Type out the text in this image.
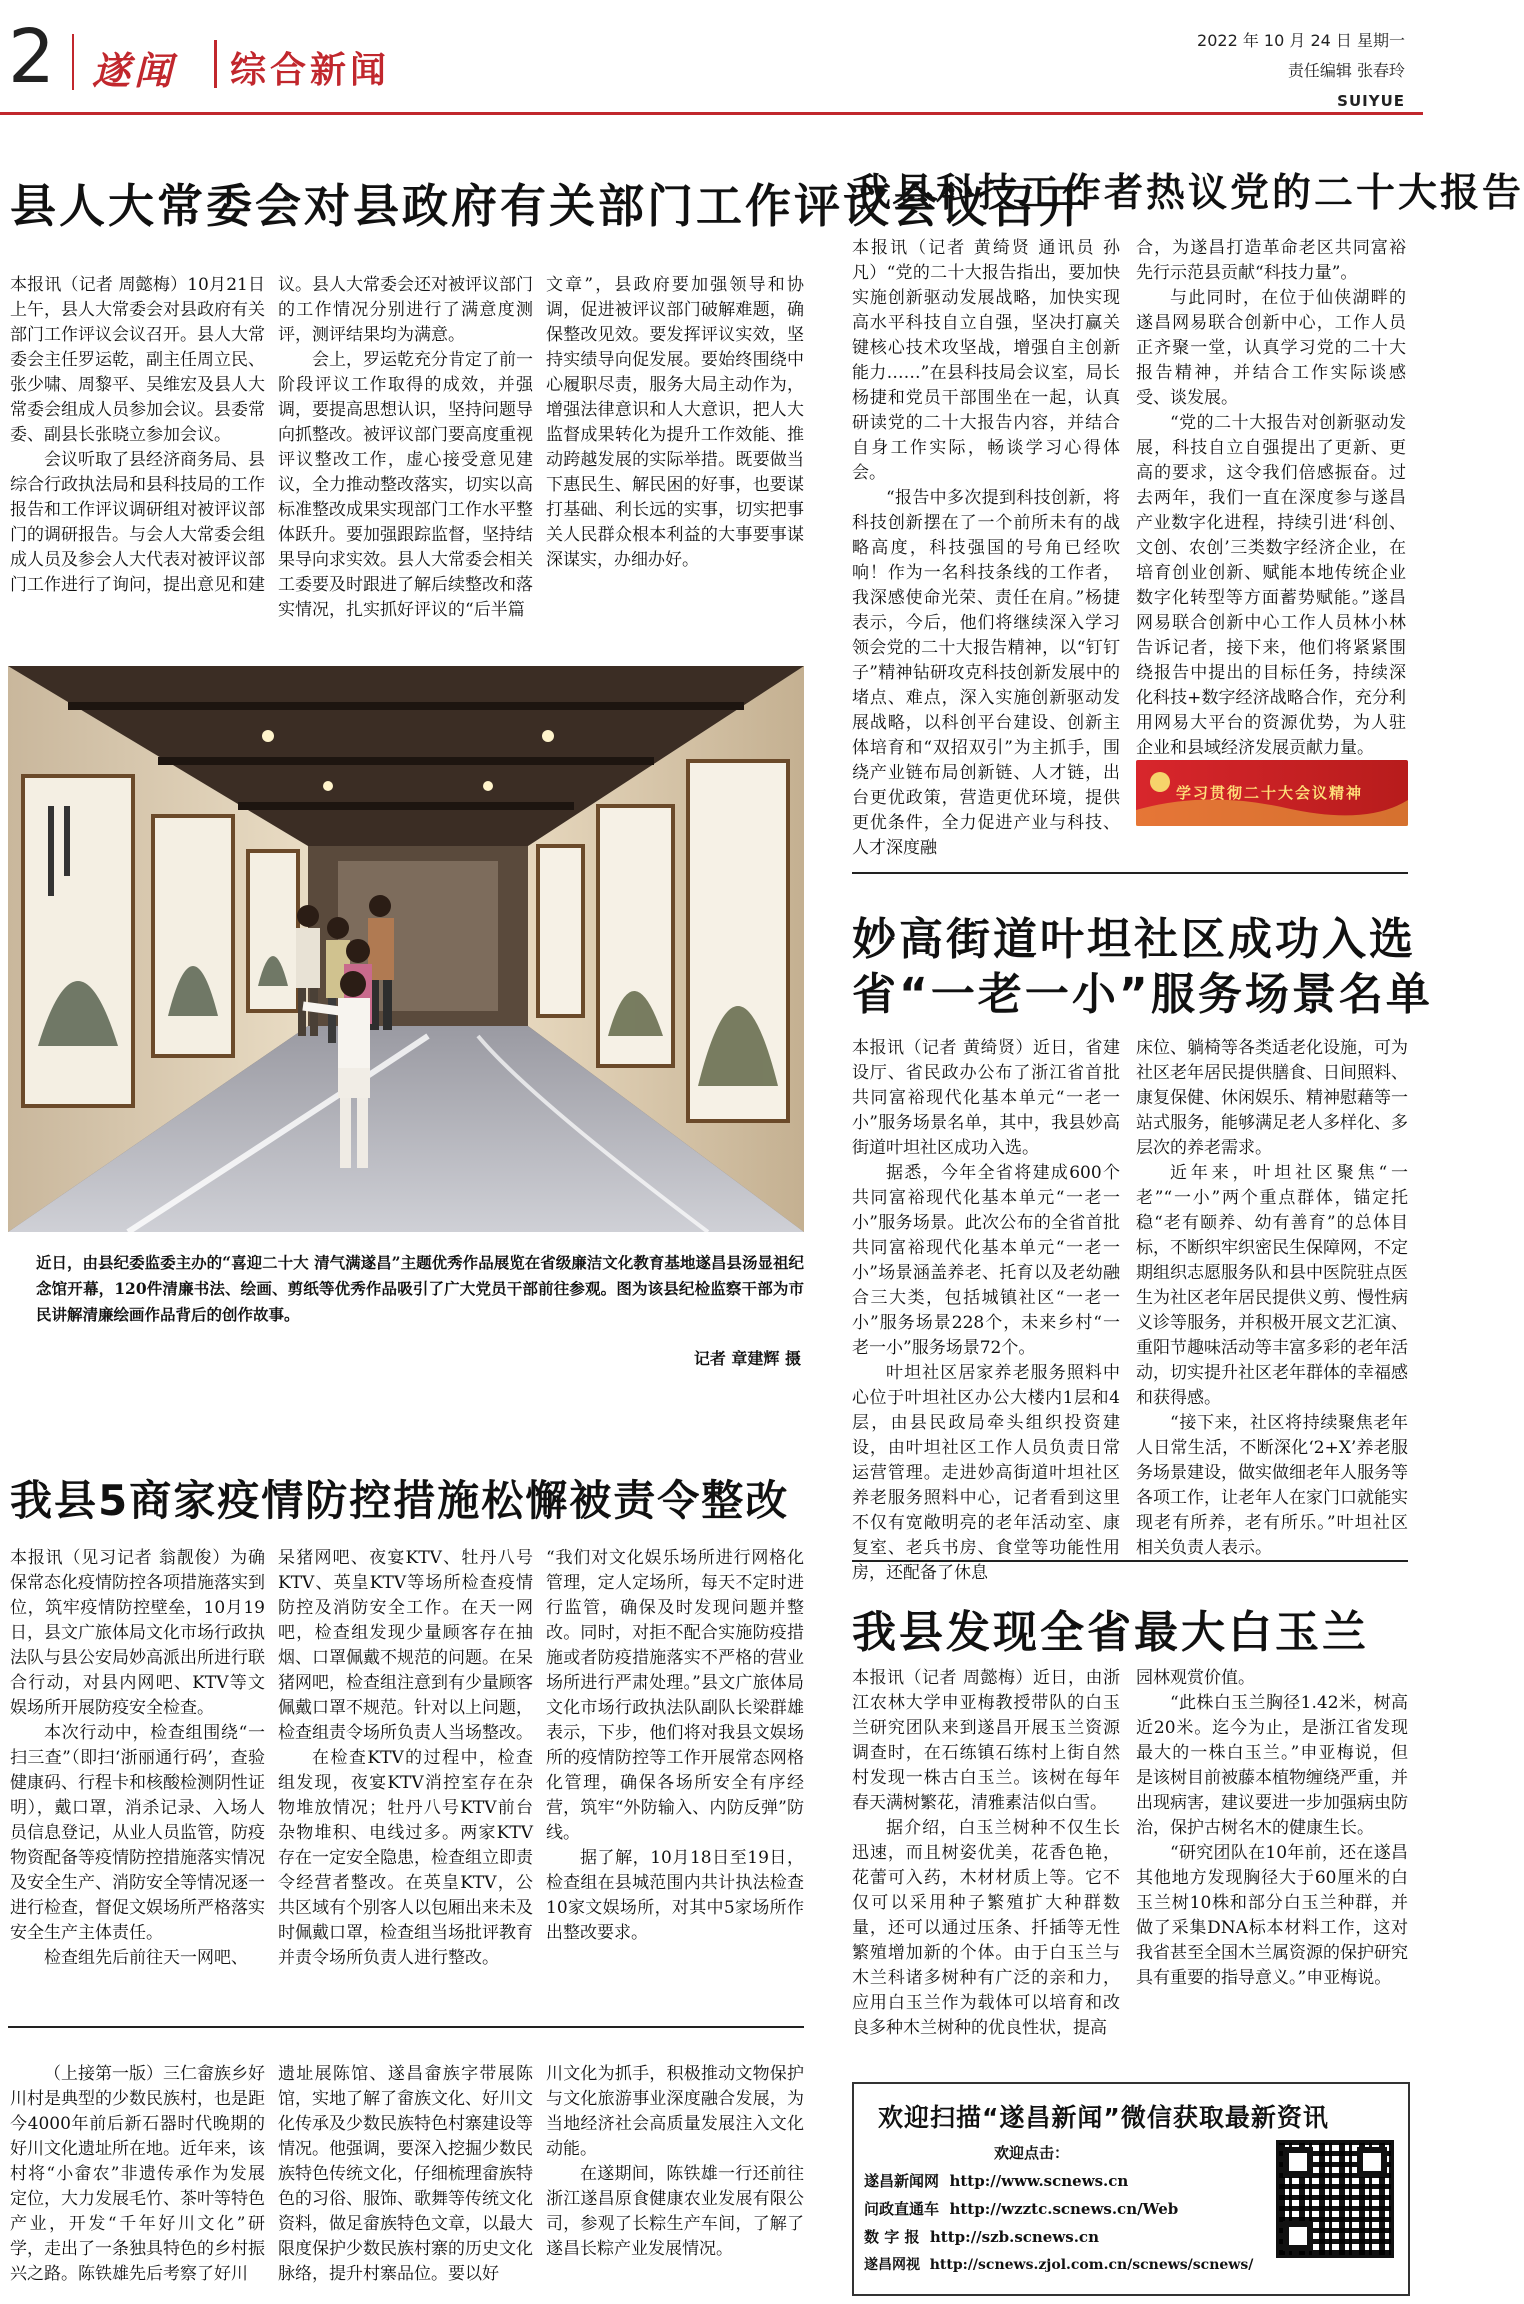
2 遂闻 综合新闻
2022 年 10 月 24 日 星期一
责任编辑 张春玲
SUIYUE
县人大常委会对县政府有关部门工作评议会议召开

本报讯（记者 周懿梅）10月21日上午，县人大常委会对县政府有关部门工作评议会议召开。县人大常委会主任罗运乾，副主任周立民、张少啸、周黎平、吴维宏及县人大常委会组成人员参加会议。县委常委、副县长张晓立参加会议。

会议听取了县经济商务局、县综合行政执法局和县科技局的工作报告和工作评议调研组对被评议部门的调研报告。与会人大常委会组成人员及参会人大代表对被评议部门工作进行了询问，提出意见和建

议。县人大常委会还对被评议部门的工作情况分别进行了满意度测评，测评结果均为满意。

会上，罗运乾充分肯定了前一阶段评议工作取得的成效，并强调，要提高思想认识，坚持问题导向抓整改。被评议部门要高度重视评议整改工作，虚心接受意见建议，全力推动整改落实，切实以高标准整改成果实现部门工作水平整体跃升。要加强跟踪监督，坚持结果导向求实效。县人大常委会相关工委要及时跟进了解后续整改和落实情况，扎实抓好评议的“后半篇

文章”，县政府要加强领导和协调，促进被评议部门破解难题，确保整改见效。要发挥评议实效，坚持实绩导向促发展。要始终围绕中心履职尽责，服务大局主动作为，增强法律意识和人大意识，把人大监督成果转化为提升工作效能、推动跨越发展的实际举措。既要做当下惠民生、解民困的好事，也要谋打基础、利长远的实事，切实把事关人民群众根本利益的大事要事谋深谋实，办细办好。

近日，由县纪委监委主办的“喜迎二十大 清气满遂昌”主题优秀作品展览在省级廉洁文化教育基地遂昌县汤显祖纪念馆开幕，120件清廉书法、绘画、剪纸等优秀作品吸引了广大党员干部前往参观。图为该县纪检监察干部为市民讲解清廉绘画作品背后的创作故事。
记者 章建辉 摄
我县科技工作者热议党的二十大报告

本报讯（记者 黄绮贤 通讯员 孙凡）“党的二十大报告指出，要加快实施创新驱动发展战略，加快实现高水平科技自立自强，坚决打赢关键核心技术攻坚战，增强自主创新能力……”在县科技局会议室，局长杨捷和党员干部围坐在一起，认真研读党的二十大报告内容，并结合自身工作实际，畅谈学习心得体会。

“报告中多次提到科技创新，将科技创新摆在了一个前所未有的战略高度，科技强国的号角已经吹响！作为一名科技条线的工作者，我深感使命光荣、责任在肩。”杨捷表示，今后，他们将继续深入学习领会党的二十大报告精神，以“钉钉子”精神钻研攻克科技创新发展中的堵点、难点，深入实施创新驱动发展战略，以科创平台建设、创新主体培育和“双招双引”为主抓手，围绕产业链布局创新链、人才链，出台更优政策，营造更优环境，提供更优条件，全力促进产业与科技、人才深度融

合，为遂昌打造革命老区共同富裕先行示范县贡献“科技力量”。

与此同时，在位于仙侠湖畔的遂昌网易联合创新中心，工作人员正齐聚一堂，认真学习党的二十大报告精神，并结合工作实际谈感受、谈发展。

“党的二十大报告对创新驱动发展，科技自立自强提出了更新、更高的要求，这令我们倍感振奋。过去两年，我们一直在深度参与遂昌产业数字化进程，持续引进‘科创、文创、农创’三类数字经济企业，在培育创业创新、赋能本地传统企业数字化转型等方面蓄势赋能。”遂昌网易联合创新中心工作人员林小林告诉记者，接下来，他们将紧紧围绕报告中提出的目标任务，持续深化科技+数字经济战略合作，充分利用网易大平台的资源优势，为人驻企业和县域经济发展贡献力量。

学习贯彻二十大会议精神
妙高街道叶坦社区成功入选
省“一老一小”服务场景名单

本报讯（记者 黄绮贤）近日，省建设厅、省民政办公布了浙江省首批共同富裕现代化基本单元“一老一小”服务场景名单，其中，我县妙高街道叶坦社区成功入选。

据悉，今年全省将建成600个共同富裕现代化基本单元“一老一小”服务场景。此次公布的全省首批共同富裕现代化基本单元“一老一小”场景涵盖养老、托育以及老幼融合三大类，包括城镇社区“一老一小”服务场景228个，未来乡村“一老一小”服务场景72个。

叶坦社区居家养老服务照料中心位于叶坦社区办公大楼内1层和4层，由县民政局牵头组织投资建设，由叶坦社区工作人员负责日常运营管理。走进妙高街道叶坦社区养老服务照料中心，记者看到这里不仅有宽敞明亮的老年活动室、康复室、老兵书房、食堂等功能性用房，还配备了休息

床位、躺椅等各类适老化设施，可为社区老年居民提供膳食、日间照料、康复保健、休闲娱乐、精神慰藉等一站式服务，能够满足老人多样化、多层次的养老需求。

近年来，叶坦社区聚焦“一老”“一小”两个重点群体，锚定托稳“老有颐养、幼有善育”的总体目标，不断织牢织密民生保障网，不定期组织志愿服务队和县中医院驻点医生为社区老年居民提供义剪、慢性病义诊等服务，并积极开展文艺汇演、重阳节趣味活动等丰富多彩的老年活动，切实提升社区老年群体的幸福感和获得感。

“接下来，社区将持续聚焦老年人日常生活，不断深化‘2+X’养老服务场景建设，做实做细老年人服务等各项工作，让老年人在家门口就能实现老有所养，老有所乐。”叶坦社区相关负责人表示。

我县5商家疫情防控措施松懈被责令整改

本报讯（见习记者 翁靓俊）为确保常态化疫情防控各项措施落实到位，筑牢疫情防控壁垒，10月19日，县文广旅体局文化市场行政执法队与县公安局妙高派出所进行联合行动，对县内网吧、KTV等文娱场所开展防疫安全检查。

本次行动中，检查组围绕“一扫三查”（即扫‘浙丽通行码’，查验健康码、行程卡和核酸检测阴性证明），戴口罩，消杀记录、入场人员信息登记，从业人员监管，防疫物资配备等疫情防控措施落实情况及安全生产、消防安全等情况逐一进行检查，督促文娱场所严格落实安全生产主体责任。

检查组先后前往天一网吧、

呆猪网吧、夜宴KTV、牡丹八号KTV、英皇KTV等场所检查疫情防控及消防安全工作。在天一网吧，检查组发现少量顾客存在抽烟、口罩佩戴不规范的问题。在呆猪网吧，检查组注意到有少量顾客佩戴口罩不规范。针对以上问题，检查组责令场所负责人当场整改。

在检查KTV的过程中，检查组发现，夜宴KTV消控室存在杂物堆放情况；牡丹八号KTV前台杂物堆积、电线过多。两家KTV存在一定安全隐患，检查组立即责令经营者整改。在英皇KTV，公共区域有个别客人以包厢出来未及时佩戴口罩，检查组当场批评教育并责令场所负责人进行整改。

“我们对文化娱乐场所进行网格化管理，定人定场所，每天不定时进行监管，确保及时发现问题并整改。同时，对拒不配合实施防疫措施或者防疫措施落实不严格的营业场所进行严肃处理。”县文广旅体局文化市场行政执法队副队长梁群雄表示，下步，他们将对我县文娱场所的疫情防控等工作开展常态网格化管理，确保各场所安全有序经营，筑牢“外防输入、内防反弹”防线。

据了解，10月18日至19日，检查组在县城范围内共计执法检查10家文娱场所，对其中5家场所作出整改要求。

我县发现全省最大白玉兰

本报讯（记者 周懿梅）近日，由浙江农林大学申亚梅教授带队的白玉兰研究团队来到遂昌开展玉兰资源调查时，在石练镇石练村上街自然村发现一株古白玉兰。该树在每年春天满树繁花，清雅素洁似白雪。

据介绍，白玉兰树种不仅生长迅速，而且树姿优美，花香色艳，花蕾可入药，木材材质上等。它不仅可以采用种子繁殖扩大种群数量，还可以通过压条、扦插等无性繁殖增加新的个体。由于白玉兰与木兰科诸多树种有广泛的亲和力，应用白玉兰作为载体可以培育和改良多种木兰树种的优良性状，提高

园林观赏价值。

“此株白玉兰胸径1.42米，树高近20米。迄今为止，是浙江省发现最大的一株白玉兰。”申亚梅说，但是该树目前被藤本植物缠绕严重，并出现病害，建议要进一步加强病虫防治，保护古树名木的健康生长。

“研究团队在10年前，还在遂昌其他地方发现胸径大于60厘米的白玉兰树10株和部分白玉兰种群，并做了采集DNA标本材料工作，这对我省甚至全国木兰属资源的保护研究具有重要的指导意义。”申亚梅说。

（上接第一版）三仁畲族乡好川村是典型的少数民族村，也是距今4000年前后新石器时代晚期的好川文化遗址所在地。近年来，该村将“小畲农”非遗传承作为发展定位，大力发展毛竹、茶叶等特色产业，开发“千年好川文化”研学，走出了一条独具特色的乡村振兴之路。陈铁雄先后考察了好川

遗址展陈馆、遂昌畲族字带展陈馆，实地了解了畲族文化、好川文化传承及少数民族特色村寨建设等情况。他强调，要深入挖掘少数民族特色传统文化，仔细梳理畲族特色的习俗、服饰、歌舞等传统文化资料，做足畲族特色文章，以最大限度保护少数民族村寨的历史文化脉络，提升村寨品位。要以好

川文化为抓手，积极推动文物保护与文化旅游事业深度融合发展，为当地经济社会高质量发展注入文化动能。

在遂期间，陈铁雄一行还前往浙江遂昌原食健康农业发展有限公司，参观了长粽生产车间，了解了遂昌长粽产业发展情况。

欢迎扫描“遂昌新闻”微信获取最新资讯
欢迎点击：
遂昌新闻网 http://www.scnews.cn
问政直通车 http://wzztc.scnews.cn/Web
数 字 报 http://szb.scnews.cn
遂昌网视 http://scnews.zjol.com.cn/scnews/scnews/
